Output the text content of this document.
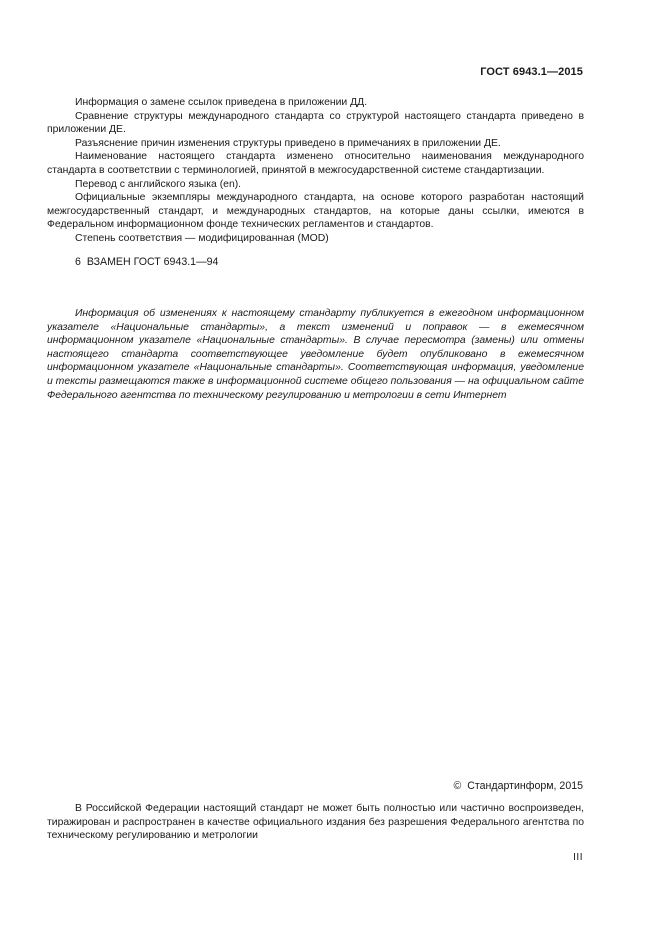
ГОСТ 6943.1—2015

Информация о замене ссылок приведена в приложении ДД.

Сравнение структуры международного стандарта со структурой настоящего стандарта приведено в приложении ДЕ.

Разъяснение причин изменения структуры приведено в примечаниях в приложении ДЕ.

Наименование настоящего стандарта изменено относительно наименования международного стандарта в соответствии с терминологией, принятой в межгосударственной системе стандартизации.

Перевод с английского языка (en).

Официальные экземпляры международного стандарта, на основе которого разработан настоящий межгосударственный стандарт, и международных стандартов, на которые даны ссылки, имеются в Федеральном информационном фонде технических регламентов и стандартов.

Степень соответствия — модифицированная (MOD)

6 ВЗАМЕН ГОСТ 6943.1—94

Информация об изменениях к настоящему стандарту публикуется в ежегодном информационном указателе «Национальные стандарты», а текст изменений и поправок — в ежемесячном информационном указателе «Национальные стандарты». В случае пересмотра (замены) или отмены настоящего стандарта соответствующее уведомление будет опубликовано в ежемесячном информационном указателе «Национальные стандарты». Соответствующая информация, уведомление и тексты размещаются также в информационной системе общего пользования — на официальном сайте Федерального агентства по техническому регулированию и метрологии в сети Интернет

© Стандартинформ, 2015

В Российской Федерации настоящий стандарт не может быть полностью или частично воспроизведен, тиражирован и распространен в качестве официального издания без разрешения Федерального агентства по техническому регулированию и метрологии

III
